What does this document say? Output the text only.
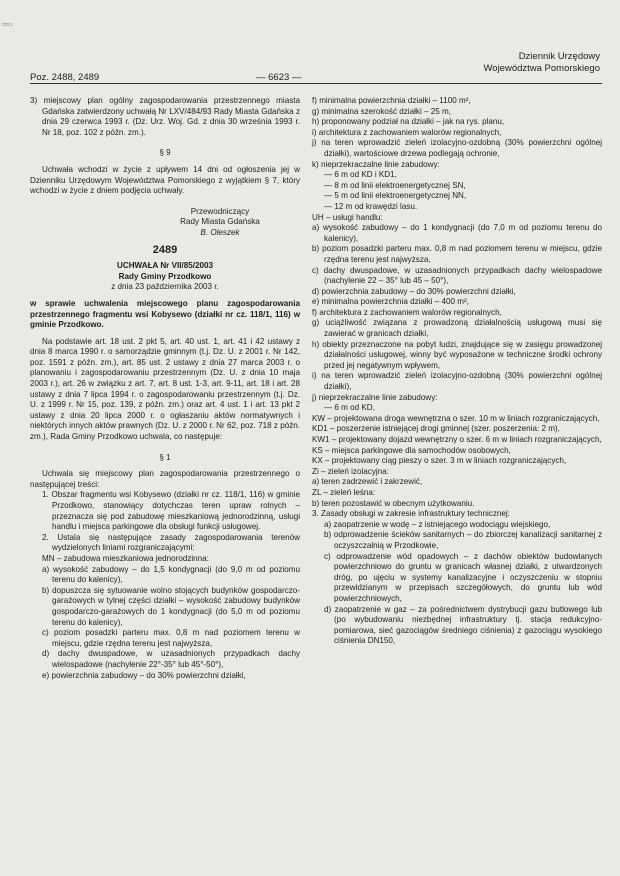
□□▭
Dziennik Urzędowy
Województwa Pomorskiego
Poz. 2488, 2489	— 6623 —

3) miejscowy plan ogólny zagospodarowania przestrzennego miasta Gdańska zatwierdzony uchwałą Nr LXV/484/93 Rady Miasta Gdańska z dnia 29 czerwca 1993 r. (Dz. Urz. Woj. Gd. z dnia 30 września 1993 r. Nr 18, poz. 102 z późn. zm.).

§ 9

Uchwała wchodzi w życie z upływem 14 dni od ogłoszenia jej w Dzienniku Urzędowym Województwa Pomorskiego z wyjątkiem § 7, który wchodzi w życie z dniem podjęcia uchwały.

Przewodniczący

Rady Miasta Gdańska

B. Oleszek

2489

UCHWAŁA Nr VII/85/2003

Rady Gminy Przodkowo

z dnia 23 października 2003 r.

w sprawie uchwalenia miejscowego planu zagospodarowania przestrzennego fragmentu wsi Kobysewo (działki nr cz. 118/1, 116) w gminie Przodkowo.

Na podstawie art. 18 ust. 2 pkt 5, art. 40 ust. 1, art. 41 i 42 ustawy z dnia 8 marca 1990 r. o samorządzie gminnym (t.j. Dz. U. z 2001 r. Nr 142, poz. 1591 z późn. zm.), art. 85 ust. 2 ustawy z dnia 27 marca 2003 r. o planowaniu i zagospodarowaniu przestrzennym (Dz. U. z dnia 10 maja 2003 r.), art. 26 w związku z art. 7, art. 8 ust. 1-3, art. 9-11, art. 18 i art. 28 ustawy z dnia 7 lipca 1994 r. o zagospodarowaniu przestrzennym (t.j. Dz. U. z 1999 r. Nr 15, poz. 139, z późn. zm.) oraz art. 4 ust. 1 i art. 13 pkt 2 ustawy z dnia 20 lipca 2000 r. o ogłaszaniu aktów normatywnych i niektórych innych aktów prawnych (Dz. U. z 2000 r. Nr 62, poz. 718 z późn. zm.), Rada Gminy Przodkowo uchwala, co następuje:

§ 1

Uchwala się miejscowy plan zagospodarowania przestrzennego o następującej treści:

1. Obszar fragmentu wsi Kobysewo (działki nr cz. 118/1, 116) w gminie Przodkowo, stanowiący dotychczas teren upraw rolnych – przeznacza się pod zabudowę mieszkaniową jednorodzinną, usługi handlu i miejsca parkingowe dla obsługi funkcji usługowej.

2. Ustala się następujące zasady zagospodarowania terenów wydzielonych liniami rozgraniczającymi:

MN – zabudowa mieszkaniowa jednorodzinna:

a) wysokość zabudowy – do 1,5 kondygnacji (do 9,0 m od poziomu terenu do kalenicy),

b) dopuszcza się sytuowanie wolno stojących budynków gospodarczo-garażowych w tylnej części działki – wysokość zabudowy budynków gospodarczo-garażowych do 1 kondygnacji (do 5,0 m od poziomu terenu do kalenicy),

c) poziom posadzki parteru max. 0,8 m nad poziomem terenu w miejscu, gdzie rzędna terenu jest najwyższa,

d) dachy dwuspadowe, w uzasadnionych przypadkach dachy wielospadowe (nachylenie 22°-35° lub 45°-50°),

e) powierzchnia zabudowy – do 30% powierzchni działki,

f) minimalna powierzchnia działki – 1100 m²,

g) minimalna szerokość działki – 25 m,

h) proponowany podział na działki – jak na rys. planu,

i) architektura z zachowaniem walorów regionalnych,

j) na teren wprowadzić zieleń izolacyjno-ozdobną (30% powierzchni ogólnej działki), wartościowe drzewa podlegają ochronie,

k) nieprzekraczalne linie zabudowy:

— 6 m od KD i KD1,

— 8 m od linii elektroenergetycznej SN,

— 5 m od linii elektroenergetycznej NN,

— 12 m od krawędzi lasu.

UH – usługi handlu:

a) wysokość zabudowy – do 1 kondygnacji (do 7,0 m od poziomu terenu do kalenicy),

b) poziom posadzki parteru max. 0,8 m nad poziomem terenu w miejscu, gdzie rzędna terenu jest najwyższa,

c) dachy dwuspadowe, w uzasadnionych przypadkach dachy wielospadowe (nachylenie 22 – 35° lub 45 – 50°),

d) powierzchnia zabudowy – do 30% powierzchni działki,

e) minimalna powierzchnia działki – 400 m²,

f) architektura z zachowaniem walorów regionalnych,

g) uciążliwość związana z prowadzoną działalnością usługową musi się zawierać w granicach działki,

h) obiekty przeznaczone na pobyt ludzi, znajdujące się w zasięgu prowadzonej działalności usługowej, winny być wyposażone w techniczne środki ochrony przed jej negatywnym wpływem,

i) na teren wprowadzić zieleń izolacyjno-ozdobną (30% powierzchni ogólnej działki),

j) nieprzekraczalne linie zabudowy:

— 6 m od KD,

KW – projektowana droga wewnętrzna o szer. 10 m w liniach rozgraniczających,

KD1 – poszerzenie istniejącej drogi gminnej (szer. poszerzenia: 2 m),

KW1 – projektowany dojazd wewnętrzny o szer. 6 m w liniach rozgraniczających,

KS – miejsca parkingowe dla samochodów osobowych,

KX – projektowany ciąg pieszy o szer. 3 m w liniach rozgraniczających,

Zi – zieleń izolacyjna:

a) teren zadrzewić i zakrzewić,

ZL – zieleń leśna:

b) teren pozostawić w obecnym użytkowaniu.

3. Zasady obsługi w zakresie infrastruktury technicznej:

a) zaopatrzenie w wodę – z istniejącego wodociągu wiejskiego,

b) odprowadzenie ścieków sanitarnych – do zbiorczej kanalizacji sanitarnej z oczyszczalnią w Przodkowie,

c) odprowadzenie wód opadowych – z dachów obiektów budowlanych powierzchniowo do gruntu w granicach własnej działki, z utwardzonych dróg, po ujęciu w systemy kanalizacyjne i oczyszczeniu w stopniu przewidzianym w przepisach szczegółowych, do gruntu lub wód powierzchniowych,

d) zaopatrzenie w gaz – za pośrednictwem dystrybucji gazu butlowego lub (po wybudowaniu niezbędnej infrastruktury tj. stacja redukcyjno-pomiarowa, sieć gazociągów średniego ciśnienia) z gazociągu wysokiego ciśnienia DN150,
